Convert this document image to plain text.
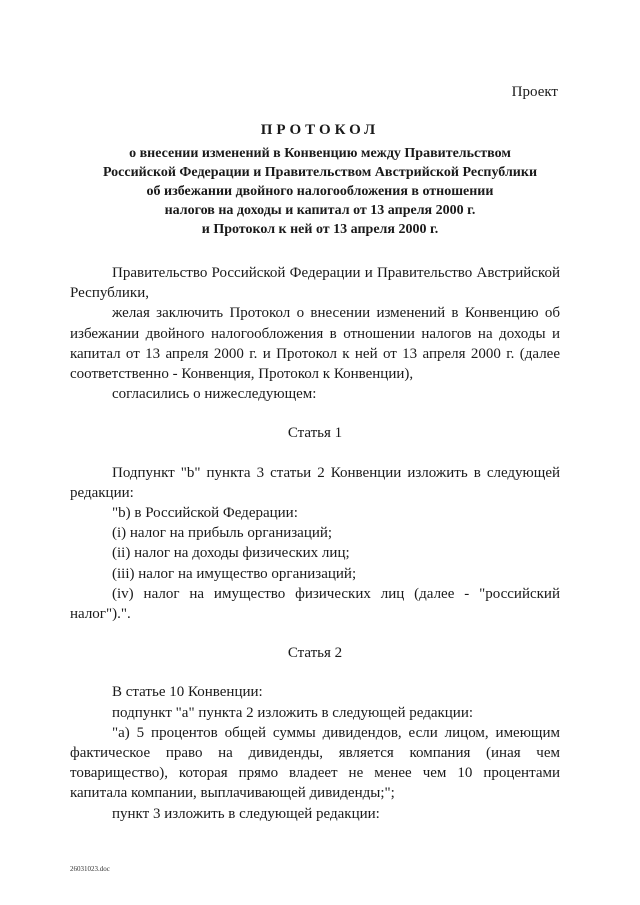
Проект
ПРОТОКОЛ
о внесении изменений в Конвенцию между Правительством
Российской Федерации и Правительством Австрийской Республики
об избежании двойного налогообложения в отношении
налогов на доходы и капитал от 13 апреля 2000 г.
и Протокол к ней от 13 апреля 2000 г.

Правительство Российской Федерации и Правительство Австрийской Республики,

желая заключить Протокол о внесении изменений в Конвенцию об избежании двойного налогообложения в отношении налогов на доходы и капитал от 13 апреля 2000 г. и Протокол к ней от 13 апреля 2000 г. (далее соответственно - Конвенция, Протокол к Конвенции),

согласились о нижеследующем:

Статья 1

Подпункт "b" пункта 3 статьи 2 Конвенции изложить в следующей редакции:

"b) в Российской Федерации:

(i) налог на прибыль организаций;

(ii) налог на доходы физических лиц;

(iii) налог на имущество организаций;

(iv) налог на имущество физических лиц (далее - "российский налог").".

Статья 2

В статье 10 Конвенции:

подпункт "a" пункта 2 изложить в следующей редакции:

"a) 5 процентов общей суммы дивидендов, если лицом, имеющим фактическое право на дивиденды, является компания (иная чем товарищество), которая прямо владеет не менее чем 10 процентами капитала компании, выплачивающей дивиденды;";

пункт 3 изложить в следующей редакции:

26031023.doc
